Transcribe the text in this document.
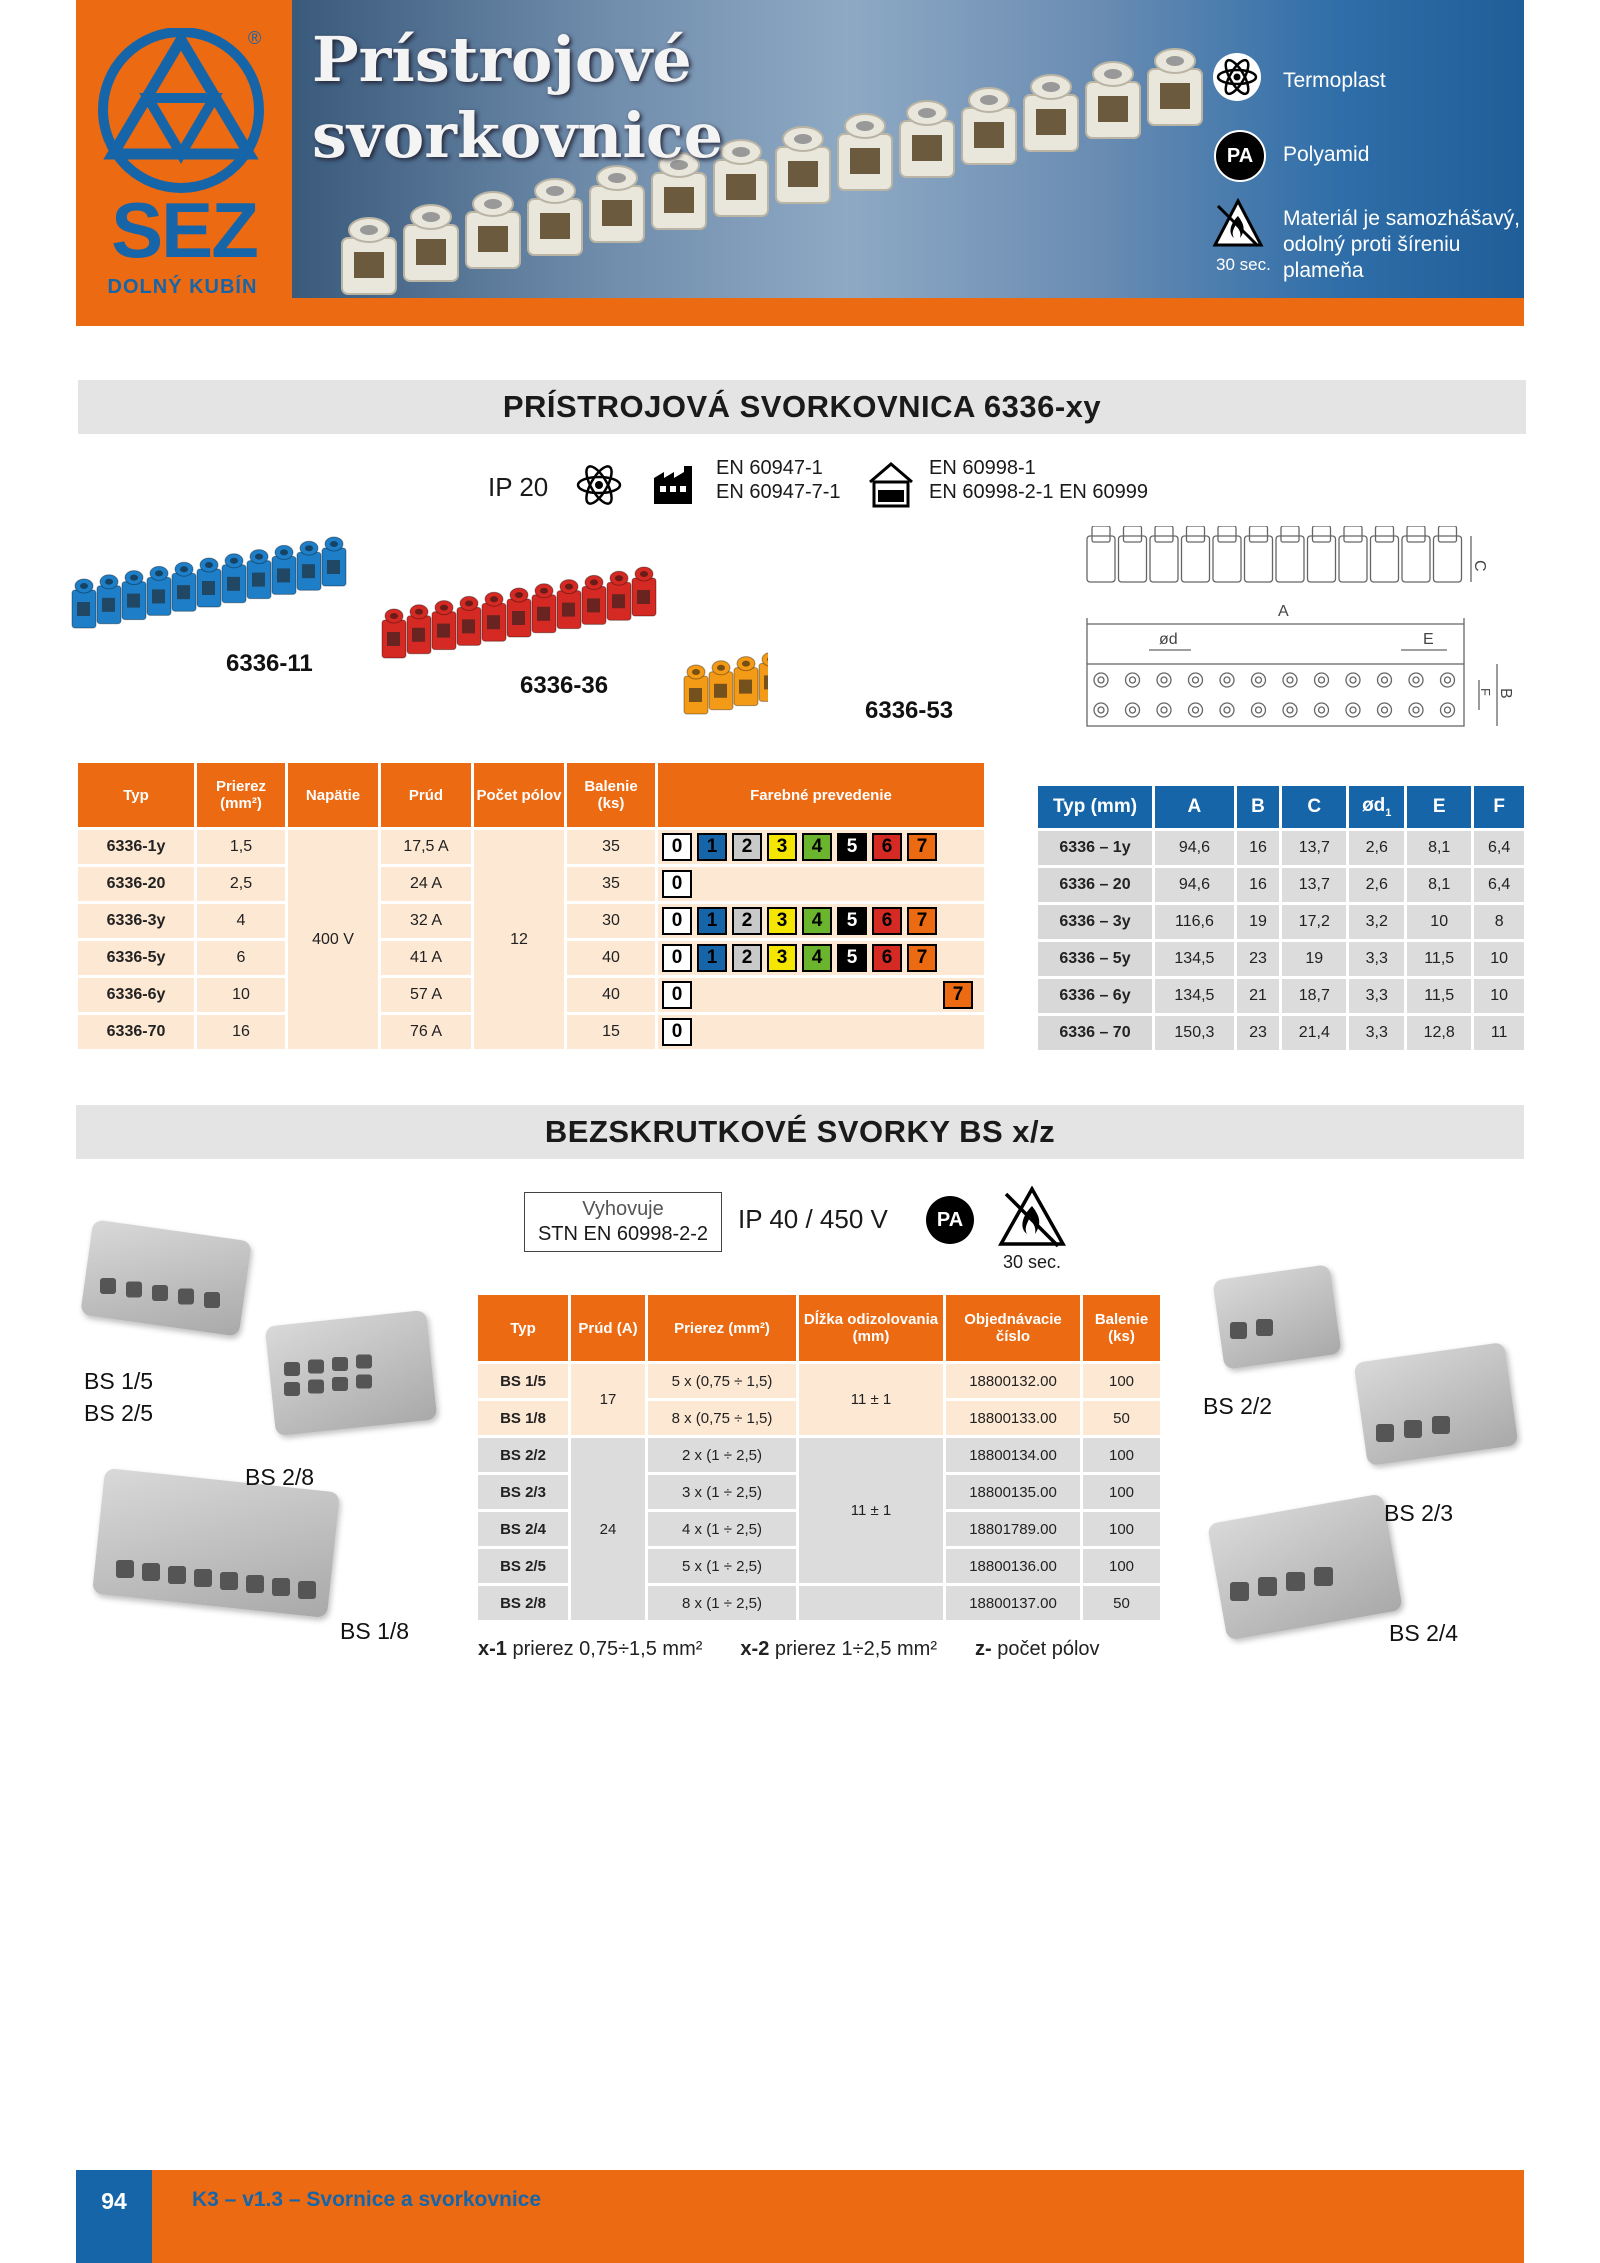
®
SEZ
DOLNÝ KUBÍN
Prístrojové
svorkovnice
Termoplast
PA	Polyamid
30 sec.
Materiál je samozhášavý,
odolný proti šíreniu plameňa
PRÍSTROJOVÁ SVORKOVNICA 6336-xy
IP 20
EN 60947-1
EN 60947-7-1
EN 60998-1
EN 60998-2-1 EN 60999
6336-11
6336-36
6336-53
A
C
ød	E
F B
Typ	Prierez (mm²)	Napätie	Prúd	Počet pólov	Balenie (ks)	Farebné prevedenie
6336-1y	1,5	400 V	17,5 A	12	35	0 1 2 3 4 5 6 7
6336-20	2,5		24 A		35	0
6336-3y	4		32 A		30	0 1 2 3 4 5 6 7
6336-5y	6		41 A		40	0 1 2 3 4 5 6 7
6336-6y	10		57 A		40	0 7
6336-70	16		76 A		15	0
Typ (mm)	A	B	C	$ød_1$	E	F
6336 – 1y	94,6	16	13,7	2,6	8,1	6,4
6336 – 20	94,6	16	13,7	2,6	8,1	6,4
6336 – 3y	116,6	19	17,2	3,2	10	8
6336 – 5y	134,5	23	19	3,3	11,5	10
6336 – 6y	134,5	21	18,7	3,3	11,5	10
6336 – 70	150,3	23	21,4	3,3	12,8	11
BEZSKRUTKOVÉ SVORKY BS x/z
Vyhovuje
STN EN 60998-2-2	IP 40 / 450 V	PA
30 sec.
BS 1/5
BS 2/5
BS 2/8
BS 1/8
BS 2/2
BS 2/3
BS 2/4
Typ	Prúd (A)	Prierez (mm²)	Dĺžka odizolovania (mm)	Objednávacie číslo	Balenie (ks)
BS 1/5	17	5 x (0,75 ÷ 1,5)	11 ± 1	18800132.00	100
BS 1/8		8 x (0,75 ÷ 1,5)		18800133.00	50
BS 2/2	24	2 x (1 ÷ 2,5)	11 ± 1	18800134.00	100
BS 2/3		3 x (1 ÷ 2,5)		18800135.00	100
BS 2/4		4 x (1 ÷ 2,5)		18801789.00	100
BS 2/5		5 x (1 ÷ 2,5)		18800136.00	100
BS 2/8		8 x (1 ÷ 2,5)		18800137.00	50
x-1 prierez 0,75÷1,5 mm² x-2 prierez 1÷2,5 mm² z- počet pólov
94	K3 – v1.3 – Svornice a svorkovnice
